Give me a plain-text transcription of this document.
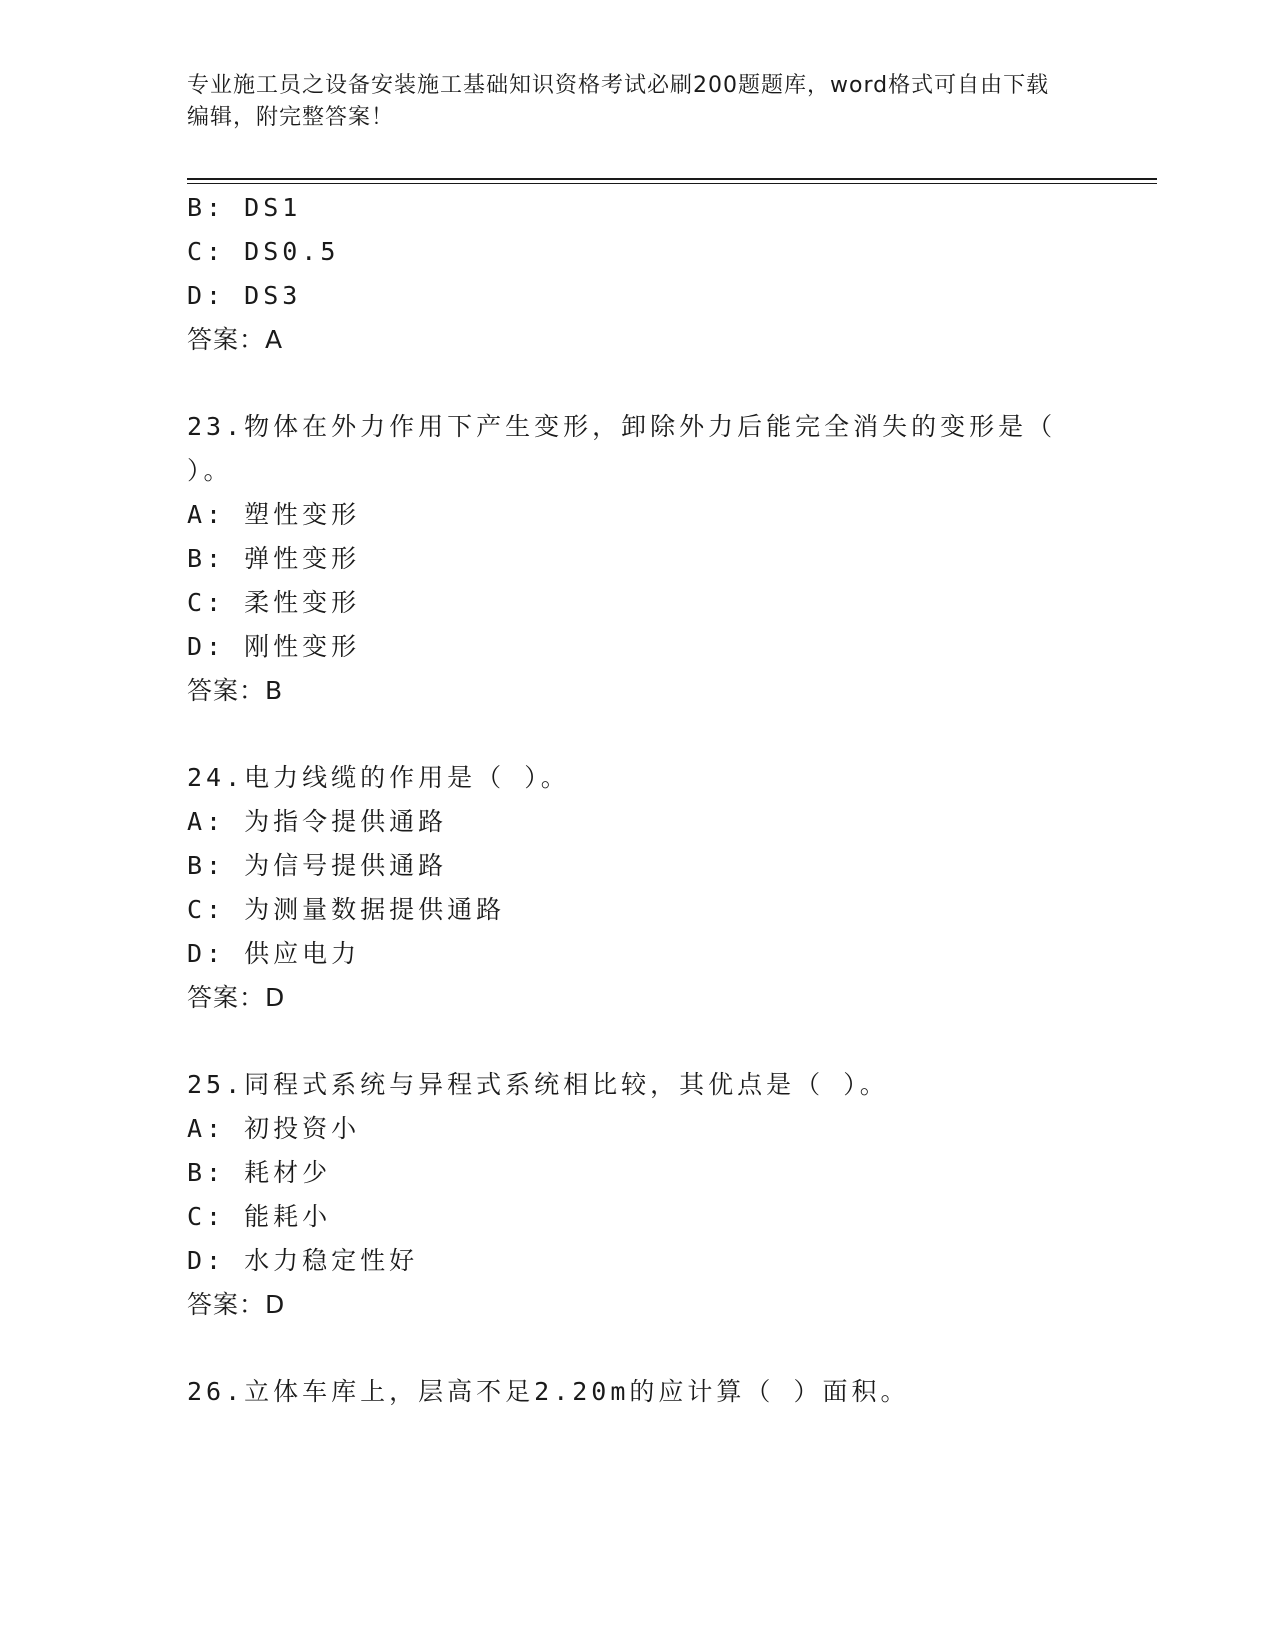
专业施工员之设备安装施工基础知识资格考试必刷200题题库，word格式可自由下载编辑，附完整答案！
B: DS1
C: DS0.5
D: DS3
答案：A
23.物体在外力作用下产生变形，卸除外力后能完全消失的变形是（
）。
A: 塑性变形
B: 弹性变形
C: 柔性变形
D: 刚性变形
答案：B
24.电力线缆的作用是（ ）。
A: 为指令提供通路
B: 为信号提供通路
C: 为测量数据提供通路
D: 供应电力
答案：D
25.同程式系统与异程式系统相比较，其优点是（ ）。
A: 初投资小
B: 耗材少
C: 能耗小
D: 水力稳定性好
答案：D
26.立体车库上，层高不足2.20m的应计算（ ）面积。
